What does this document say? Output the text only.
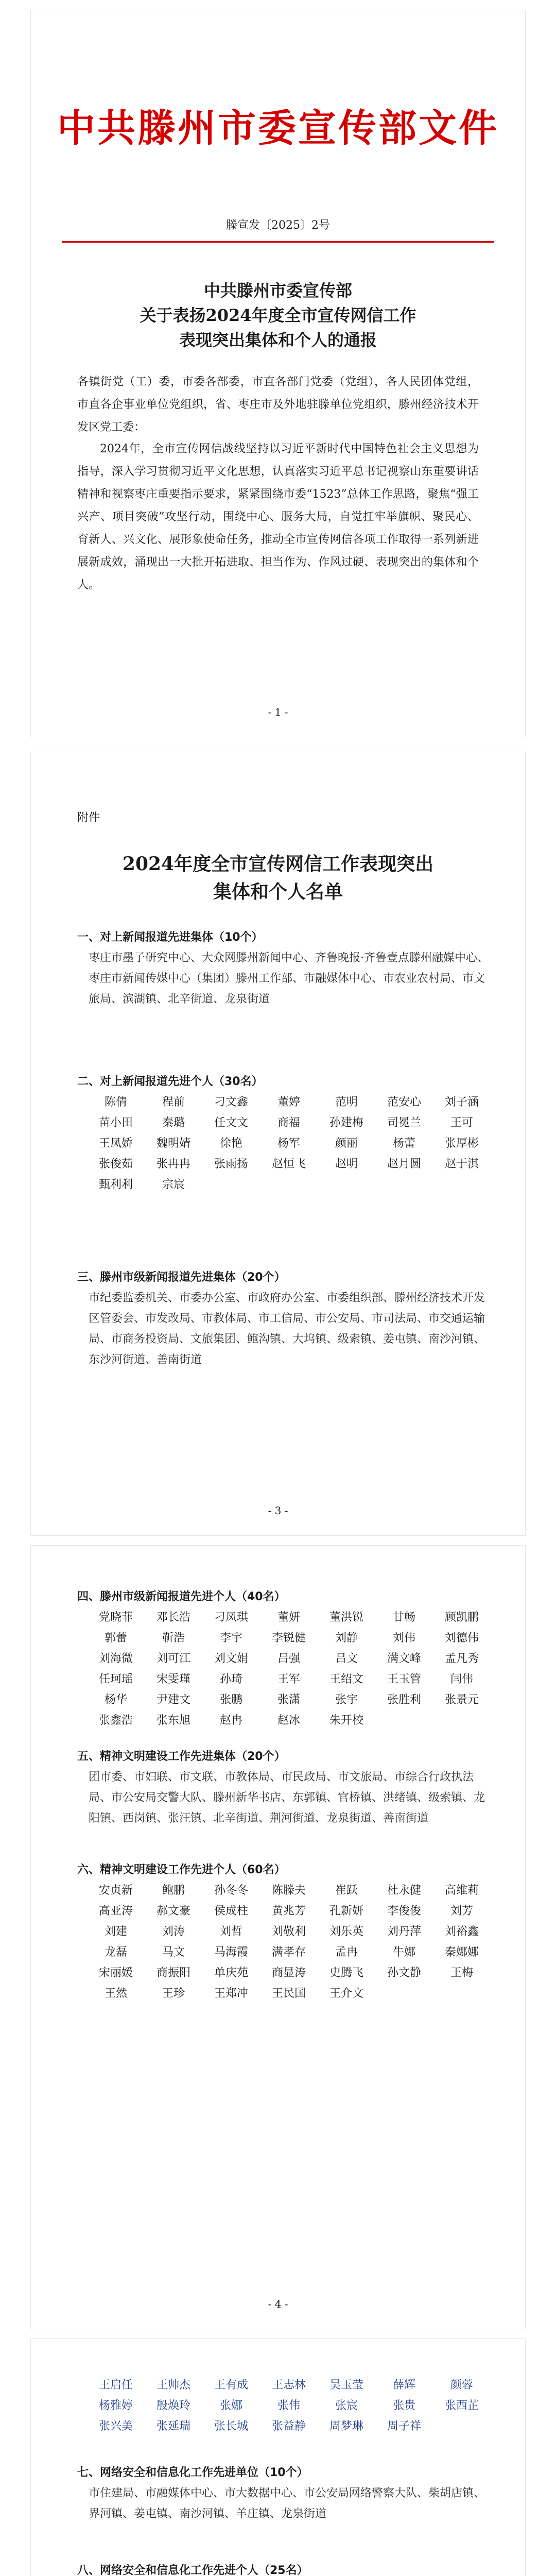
中共滕州市委宣传部文件
滕宣发〔2025〕2号
中共滕州市委宣传部
关于表扬2024年度全市宣传网信工作
表现突出集体和个人的通报
各镇街党（工）委，市委各部委，市直各部门党委（党组），各人民团体党组，市直各企事业单位党组织，省、枣庄市及外地驻滕单位党组织，滕州经济技术开发区党工委：
2024年，全市宣传网信战线坚持以习近平新时代中国特色社会主义思想为指导，深入学习贯彻习近平文化思想，认真落实习近平总书记视察山东重要讲话精神和视察枣庄重要指示要求，紧紧围绕市委“1523”总体工作思路，聚焦“强工兴产、项目突破”攻坚行动，围绕中心、服务大局，自觉扛牢举旗帜、聚民心、育新人、兴文化、展形象使命任务，推动全市宣传网信各项工作取得一系列新进展新成效，涌现出一大批开拓进取、担当作为、作风过硬、表现突出的集体和个人。
- 1 -
附件
2024年度全市宣传网信工作表现突出
集体和个人名单
一、对上新闻报道先进集体（10个）
枣庄市墨子研究中心、大众网滕州新闻中心、齐鲁晚报·齐鲁壹点滕州融媒中心、枣庄市新闻传媒中心（集团）滕州工作部、市融媒体中心、市农业农村局、市文旅局、滨湖镇、北辛街道、龙泉街道
二、对上新闻报道先进个人（30名）
陈倩	程前	刁文鑫	董婷	范明	范安心	刘子涵
苗小田	秦璐	任文文	商福	孙建梅	司冕兰	王可
王凤娇	魏明婧	徐艳	杨军	颜丽	杨蕾	张厚彬
张俊茹	张冉冉	张雨扬	赵恒飞	赵明	赵月圆	赵于淇
甄利利	宗宸
三、滕州市级新闻报道先进集体（20个）
市纪委监委机关、市委办公室、市政府办公室、市委组织部、滕州经济技术开发区管委会、市发改局、市教体局、市工信局、市公安局、市司法局、市交通运输局、市商务投资局、文旅集团、鲍沟镇、大坞镇、级索镇、姜屯镇、南沙河镇、东沙河街道、善南街道
- 3 -
四、滕州市级新闻报道先进个人（40名）
党晓菲	邓长浩	刁凤琪	董妍	董洪锐	甘畅	顾凯鹏
郭蕾	靳浩	李宇	李锐健	刘静	刘伟	刘德伟
刘海微	刘可江	刘文娟	吕强	吕文	满文峰	孟凡秀
任珂瑶	宋雯瑾	孙琦	王军	王绍文	王玉管	闫伟
杨华	尹建文	张鹏	张潇	张宇	张胜利	张景元
张鑫浩	张东旭	赵冉	赵冰	朱开校
五、精神文明建设工作先进集体（20个）
团市委、市妇联、市文联、市教体局、市民政局、市文旅局、市综合行政执法局、市公安局交警大队、滕州新华书店、东郭镇、官桥镇、洪绪镇、级索镇、龙阳镇、西岗镇、张汪镇、北辛街道、荆河街道、龙泉街道、善南街道
六、精神文明建设工作先进个人（60名）
安贞新	鲍鹏	孙冬冬	陈滕夫	崔跃	杜永健	高维莉
高亚涛	郝文豪	侯成柱	黄兆芳	孔新妍	李俊俊	刘芳
刘建	刘涛	刘哲	刘敬利	刘乐英	刘丹萍	刘裕鑫
龙磊	马文	马海霞	满孝存	孟冉	牛娜	秦娜娜
宋丽媛	商振阳	单庆苑	商显涛	史腾飞	孙文静	王梅
王然	王珍	王郑冲	王民国	王介文
- 4 -
王启任	王帅杰	王有成	王志林	吴玉莹	薛辉	颜蓉
杨雅婷	殷焕玲	张娜	张伟	张宸	张贵	张西芷
张兴美	张延瑞	张长城	张益静	周梦琳	周子祥
七、网络安全和信息化工作先进单位（10个）
市住建局、市融媒体中心、市大数据中心、市公安局网络警察大队、柴胡店镇、界河镇、姜屯镇、南沙河镇、羊庄镇、龙泉街道
八、网络安全和信息化工作先进个人（25名）
